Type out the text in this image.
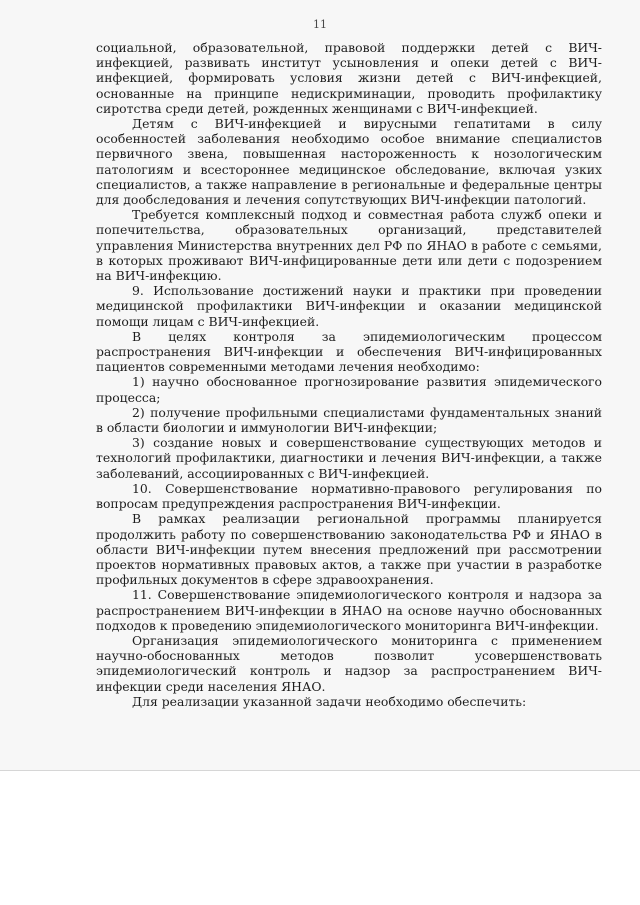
11

социальной, образовательной, правовой поддержки детей с ВИЧ-инфекцией, развивать институт усыновления и опеки детей с ВИЧ-инфекцией, формировать условия жизни детей с ВИЧ-инфекцией, основанные на принципе недискриминации, проводить профилактику сиротства среди детей, рожденных женщинами с ВИЧ-инфекцией.

Детям с ВИЧ-инфекцией и вирусными гепатитами в силу особенностей заболевания необходимо особое внимание специалистов первичного звена, повышенная настороженность к нозологическим патологиям и всестороннее медицинское обследование, включая узких специалистов, а также направление в региональные и федеральные центры для дообследования и лечения сопутствующих ВИЧ-инфекции патологий.

Требуется комплексный подход и совместная работа служб опеки и попечительства, образовательных организаций, представителей управления Министерства внутренних дел РФ по ЯНАО в работе с семьями, в которых проживают ВИЧ-инфицированные дети или дети с подозрением на ВИЧ-инфекцию.

9. Использование достижений науки и практики при проведении медицинской профилактики ВИЧ-инфекции и оказании медицинской помощи лицам с ВИЧ-инфекцией.

В целях контроля за эпидемиологическим процессом распространения ВИЧ-инфекции и обеспечения ВИЧ-инфицированных пациентов современными методами лечения необходимо:

1) научно обоснованное прогнозирование развития эпидемического процесса;

2) получение профильными специалистами фундаментальных знаний в области биологии и иммунологии ВИЧ-инфекции;

3) создание новых и совершенствование существующих методов и технологий профилактики, диагностики и лечения ВИЧ-инфекции, а также заболеваний, ассоциированных с ВИЧ-инфекцией.

10. Совершенствование нормативно-правового регулирования по вопросам предупреждения распространения ВИЧ-инфекции.

В рамках реализации региональной программы планируется продолжить работу по совершенствованию законодательства РФ и ЯНАО в области ВИЧ-инфекции путем внесения предложений при рассмотрении проектов нормативных правовых актов, а также при участии в разработке профильных документов в сфере здравоохранения.

11. Совершенствование эпидемиологического контроля и надзора за распространением ВИЧ-инфекции в ЯНАО на основе научно обоснованных подходов к проведению эпидемиологического мониторинга ВИЧ-инфекции.

Организация эпидемиологического мониторинга с применением научно-обоснованных методов позволит усовершенствовать эпидемиологический контроль и надзор за распространением ВИЧ-инфекции среди населения ЯНАО.

Для реализации указанной задачи необходимо обеспечить:
